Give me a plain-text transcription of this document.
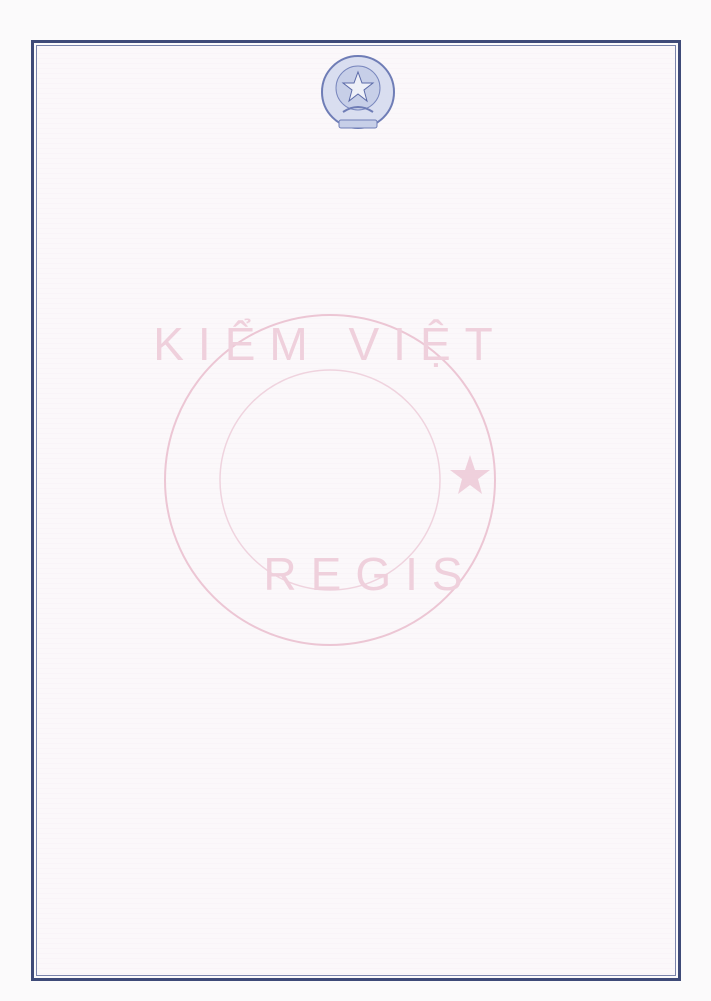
KIỂM VIỆT
REGIS
